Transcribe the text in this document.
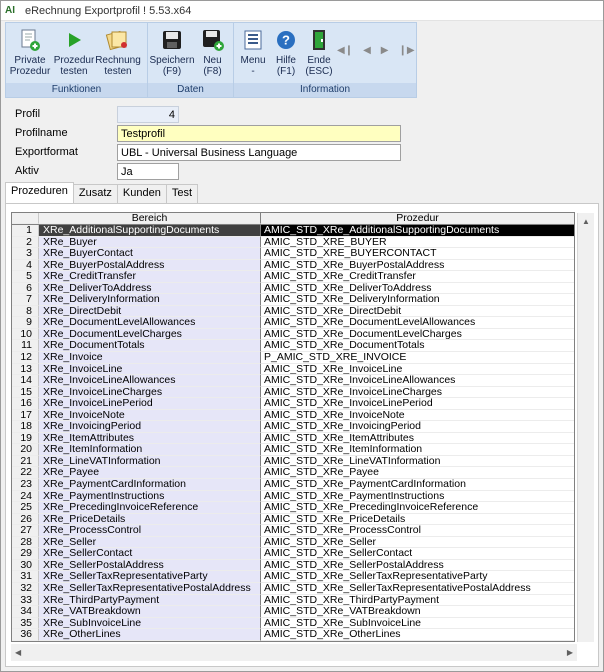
AI eRechnung Exportprofil ! 5.53.x64
Private
Prozedur
Prozedur
testen
Rechnung
testen
Funktionen
Speichern
(F9)
Neu
(F8)
Daten
Menu
-
?
Hilfe
(F1)
Ende
(ESC)
Information
◀❙ ◀ ▶ ❙▶
Profil	4
Profilname	Testprofil
Exportformat	UBL - Universal Business Language
Aktiv	Ja
Prozeduren	Zusatz	Kunden	Test
Bereich	Prozedur
1	XRe_AdditionalSupportingDocuments	AMIC_STD_XRe_AdditionalSupportingDocuments
2	XRe_Buyer	AMIC_STD_XRE_BUYER
3	XRe_BuyerContact	AMIC_STD_XRE_BUYERCONTACT
4	XRe_BuyerPostalAddress	AMIC_STD_XRe_BuyerPostalAddress
5	XRe_CreditTransfer	AMIC_STD_XRe_CreditTransfer
6	XRe_DeliverToAddress	AMIC_STD_XRe_DeliverToAddress
7	XRe_DeliveryInformation	AMIC_STD_XRe_DeliveryInformation
8	XRe_DirectDebit	AMIC_STD_XRe_DirectDebit
9	XRe_DocumentLevelAllowances	AMIC_STD_XRe_DocumentLevelAllowances
10	XRe_DocumentLevelCharges	AMIC_STD_XRe_DocumentLevelCharges
11	XRe_DocumentTotals	AMIC_STD_XRe_DocumentTotals
12	XRe_Invoice	P_AMIC_STD_XRE_INVOICE
13	XRe_InvoiceLine	AMIC_STD_XRe_InvoiceLine
14	XRe_InvoiceLineAllowances	AMIC_STD_XRe_InvoiceLineAllowances
15	XRe_InvoiceLineCharges	AMIC_STD_XRe_InvoiceLineCharges
16	XRe_InvoiceLinePeriod	AMIC_STD_XRe_InvoiceLinePeriod
17	XRe_InvoiceNote	AMIC_STD_XRe_InvoiceNote
18	XRe_InvoicingPeriod	AMIC_STD_XRe_InvoicingPeriod
19	XRe_ItemAttributes	AMIC_STD_XRe_ItemAttributes
20	XRe_ItemInformation	AMIC_STD_XRe_ItemInformation
21	XRe_LineVATInformation	AMIC_STD_XRe_LineVATInformation
22	XRe_Payee	AMIC_STD_XRe_Payee
23	XRe_PaymentCardInformation	AMIC_STD_XRe_PaymentCardInformation
24	XRe_PaymentInstructions	AMIC_STD_XRe_PaymentInstructions
25	XRe_PrecedingInvoiceReference	AMIC_STD_XRe_PrecedingInvoiceReference
26	XRe_PriceDetails	AMIC_STD_XRe_PriceDetails
27	XRe_ProcessControl	AMIC_STD_XRe_ProcessControl
28	XRe_Seller	AMIC_STD_XRe_Seller
29	XRe_SellerContact	AMIC_STD_XRe_SellerContact
30	XRe_SellerPostalAddress	AMIC_STD_XRe_SellerPostalAddress
31	XRe_SellerTaxRepresentativeParty	AMIC_STD_XRe_SellerTaxRepresentativeParty
32	XRe_SellerTaxRepresentativePostalAddress	AMIC_STD_XRe_SellerTaxRepresentativePostalAddress
33	XRe_ThirdPartyPayment	AMIC_STD_XRe_ThirdPartyPayment
34	XRe_VATBreakdown	AMIC_STD_XRe_VATBreakdown
35	XRe_SubInvoiceLine	AMIC_STD_XRe_SubInvoiceLine
36	XRe_OtherLines	AMIC_STD_XRe_OtherLines
▲
◀	▶
